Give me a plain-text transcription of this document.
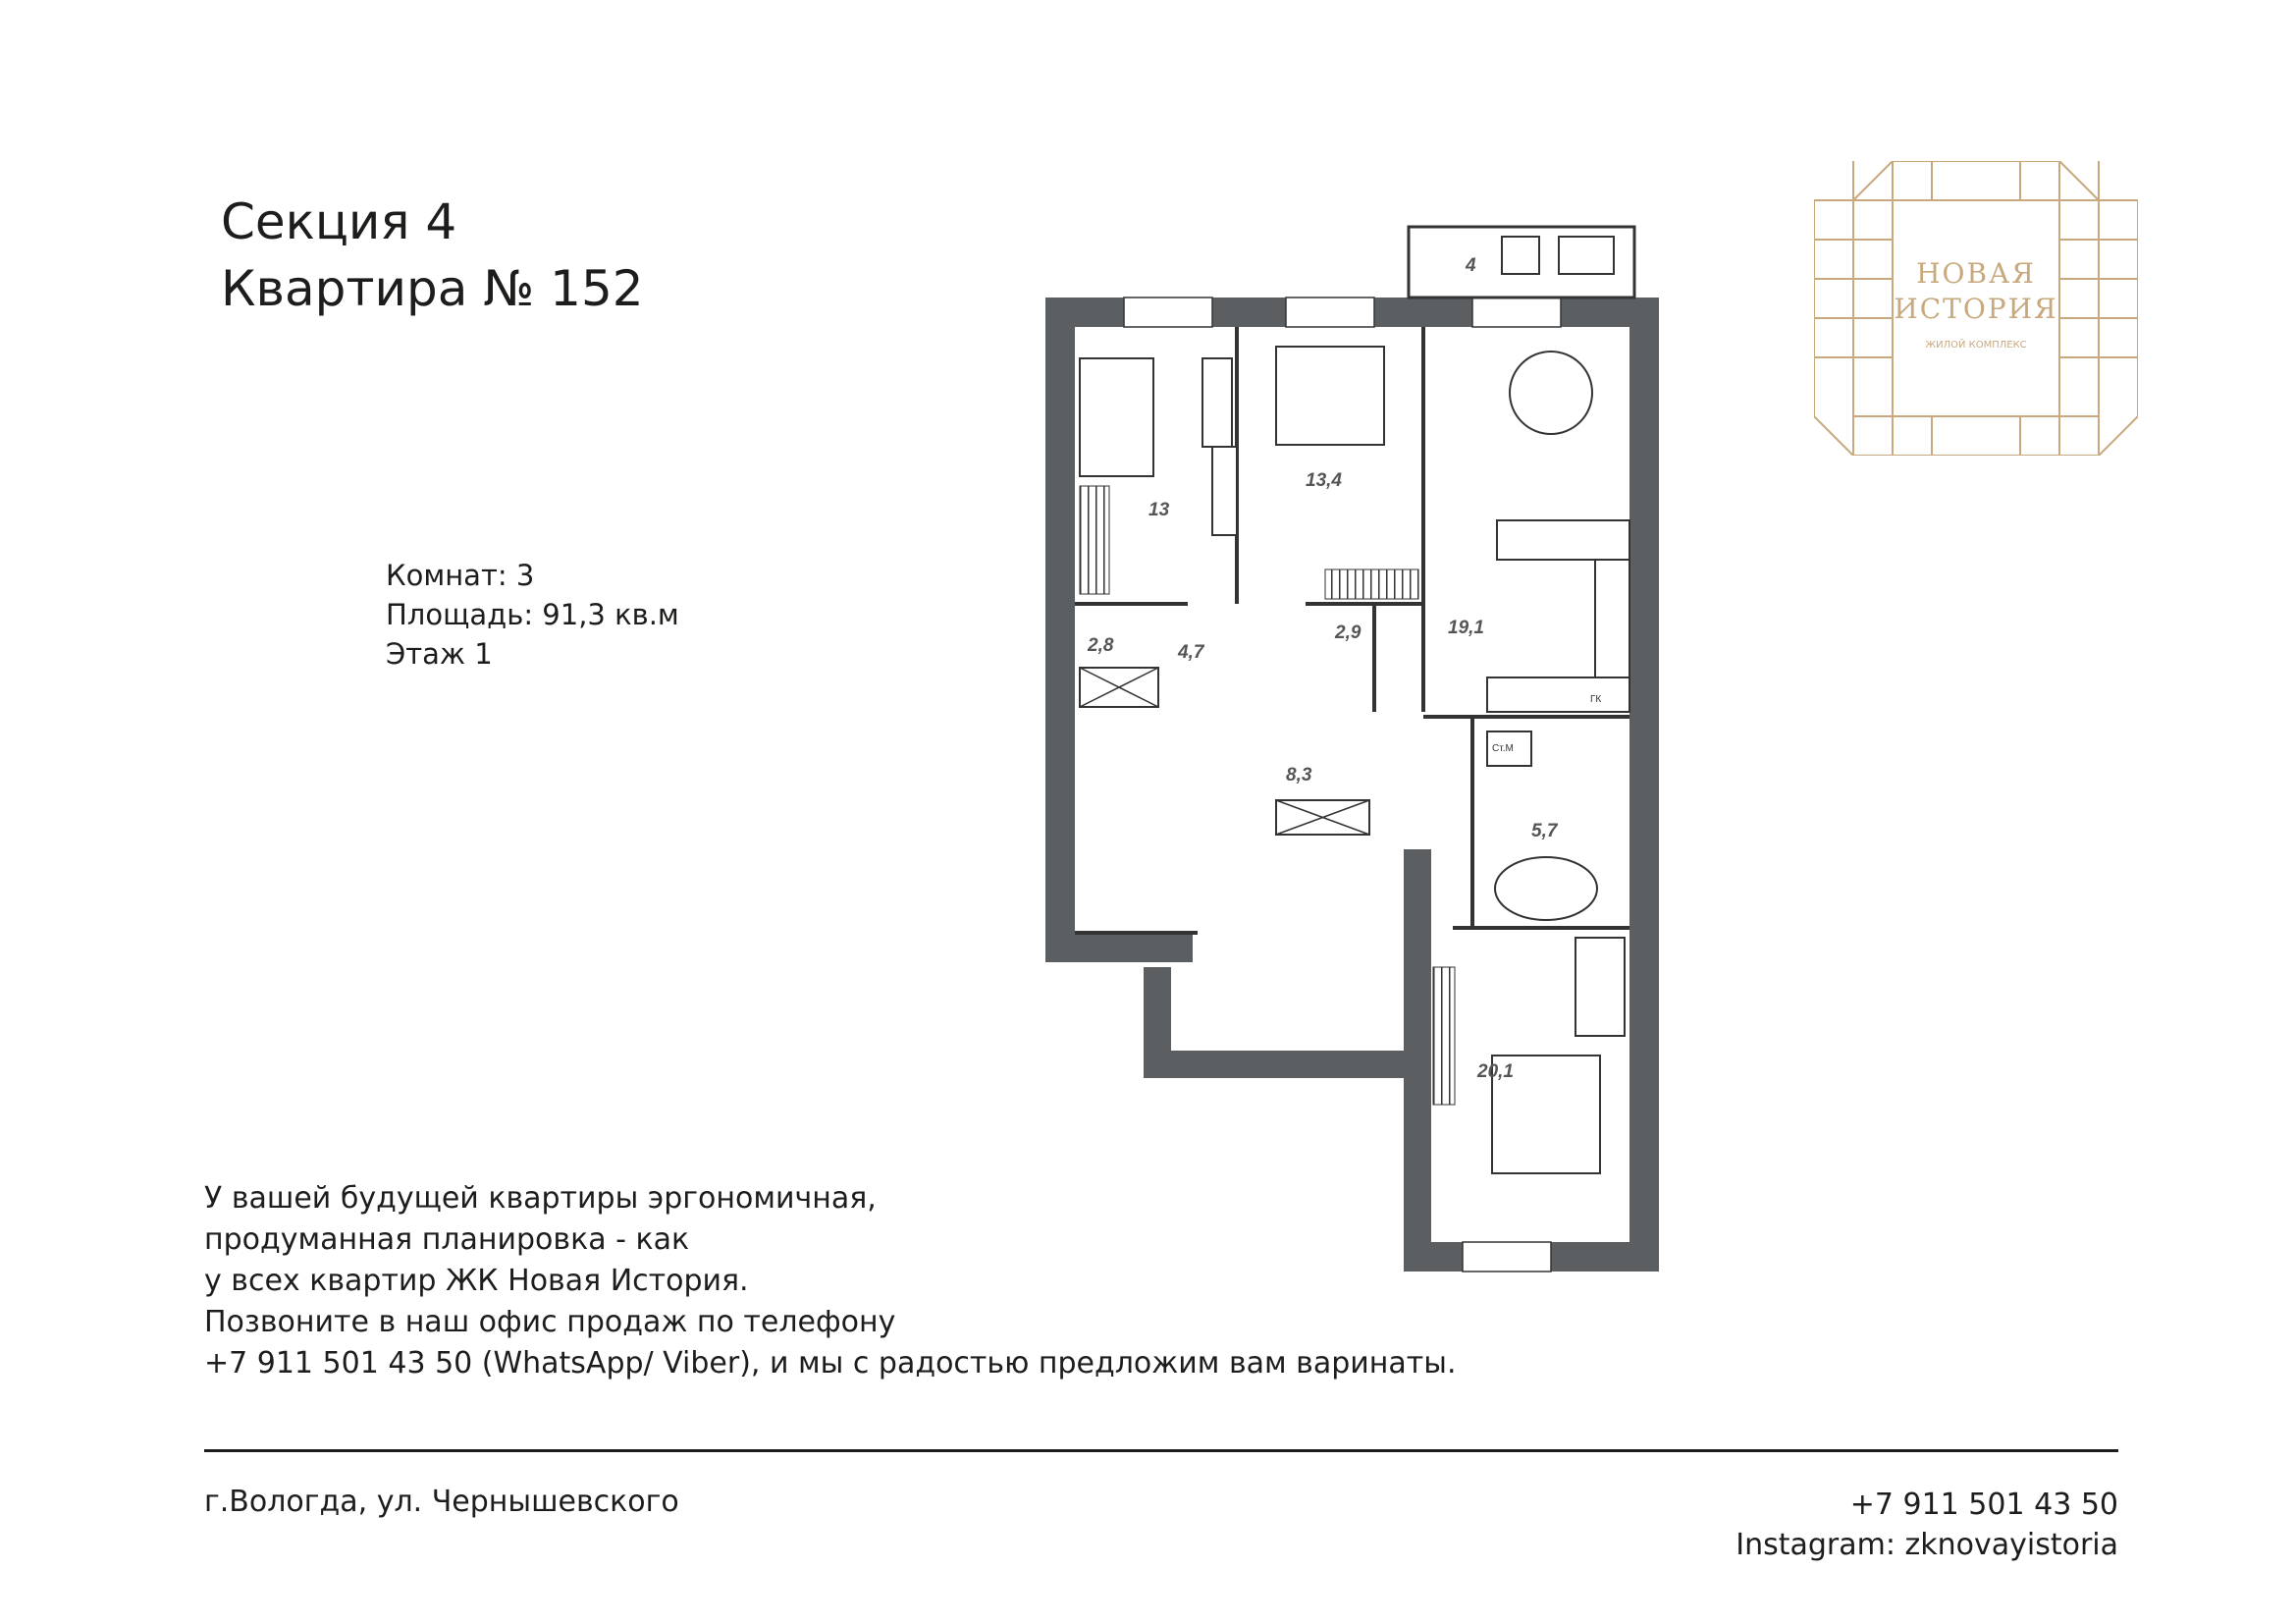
Секция 4
Квартира № 152
Комнат: 3
Площадь: 91,3 кв.м
Этаж 1
13
13,4
19,1
2,8	4,7
2,9
8,3
5,7
20,1
4
ГК
Ст.М
НОВАЯ
ИСТОРИЯ
ЖИЛОЙ КОМПЛЕКС
У вашей будущей квартиры эргономичная,
продуманная планировка - как
у всех квартир ЖК Новая История.
Позвоните в наш офис продаж по телефону
+7 911 501 43 50 (WhatsApp/ Viber), и мы с радостью предложим вам варинаты.
г.Вологда, ул. Чернышевского	+7 911 501 43 50
Instagram: zknovayistoria
